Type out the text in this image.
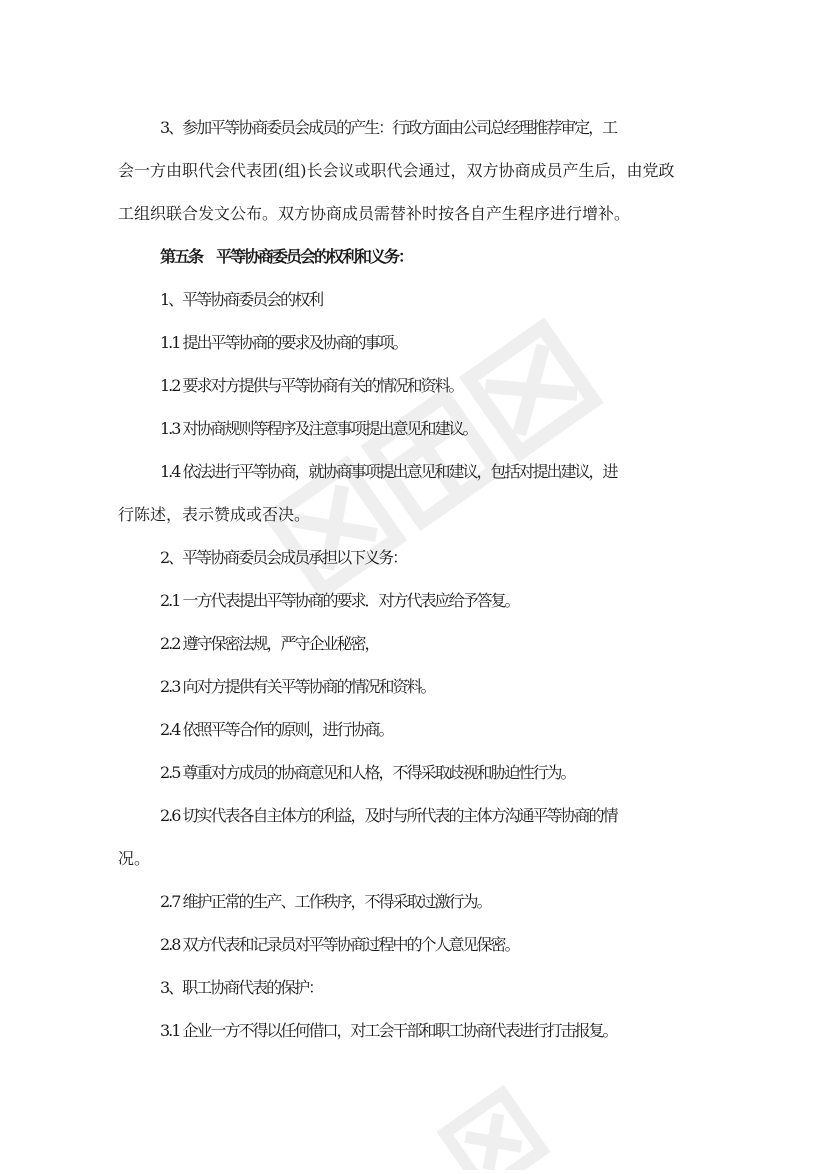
3、参加平等协商委员会成员的产生：行政方面由公司总经理推荐审定，工
会一方由职代会代表团(组)长会议或职代会通过，双方协商成员产生后，由党政
工组织联合发文公布。双方协商成员需替补时按各自产生程序进行增补。
第五条　平等协商委员会的权利和义务：
1、平等协商委员会的权利
1.1 提出平等协商的要求及协商的事项。
1.2 要求对方提供与平等协商有关的情况和资料。
1.3 对协商规则等程序及注意事项提出意见和建议。
1.4 依法进行平等协商，就协商事项提出意见和建议，包括对提出建议，进
行陈述，表示赞成或否决。
2、平等协商委员会成员承担以下义务：
2.1 一方代表提出平等协商的要求．对方代表应给予答复。
2.2 遵守保密法规，严守企业秘密，
2.3 向对方提供有关平等协商的情况和资料。
2.4 依照平等合作的原则，进行协商。
2.5 尊重对方成员的协商意见和人格，不得采取歧视和胁迫性行为。
2.6 切实代表各自主体方的利益，及时与所代表的主体方沟通平等协商的情
况。
2.7 维护正常的生产、工作秩序，不得采取过激行为。
2.8 双方代表和记录员对平等协商过程中的个人意见保密。
3、职工协商代表的保护：
3.1 企业一方不得以任何借口，对工会干部和职工协商代表进行打击报复。
